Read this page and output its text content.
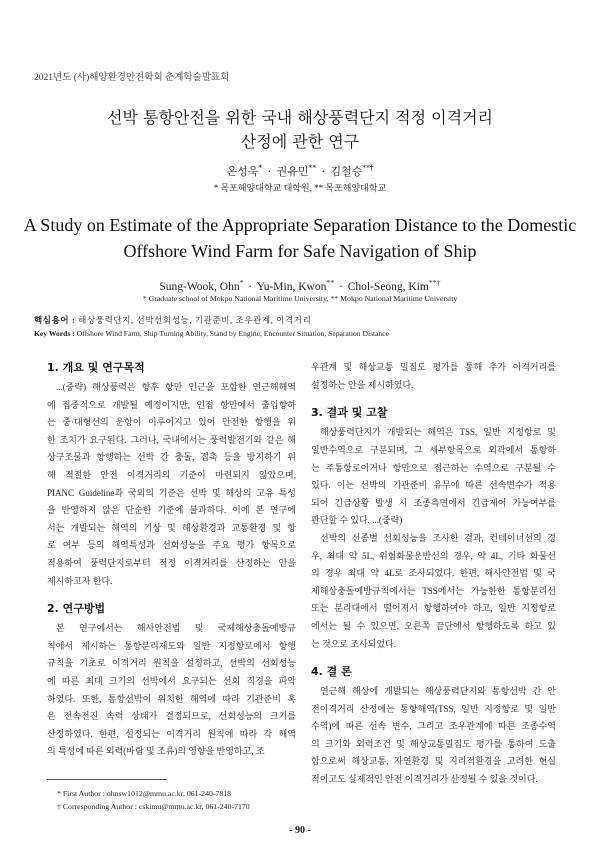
2021년도 (사)해양환경안전학회 춘계학술발표회
선박 통항안전을 위한 국내 해상풍력단지 적정 이격거리
산정에 관한 연구
온성욱* · 권유민** · 김철승**†
* 목포해양대학교 대학원, ** 목포해양대학교
A Study on Estimate of the Appropriate Separation Distance to the Domestic
Offshore Wind Farm for Safe Navigation of Ship
Sung-Wook, Ohn* · Yu-Min, Kwon** · Chol-Seong, Kim**†
* Graduate school of Mokpo National Maritime University, ** Mokpo National Maritime University
핵심용어 : 해상풍력단지, 선박선회성능, 기관준비, 조우관계, 이격거리
Key Words : Offshore Wind Farm, Ship Turning Ability, Stand by Engine, Encounter Situation, Separation Distance
1. 개요 및 연구목적
...(중략) 해상풍력은 향후 항만 인근을 포함한 연근해해역
에 집중적으로 개발될 예정이지만, 인접 항만에서 출입항하
는 중·대형선의 운항이 이루어지고 있어 안전한 항행을 위
한 조치가 요구된다. 그러나, 국내에서는 풍력발전기와 같은 해
상구조물과 항행하는 선박 간 충돌, 접촉 등을 방지하기 위
해 적절한 안전 이격거리의 기준이 마련되지 않았으며,
PIANC Guideline과 국외의 기준은 선박 및 해상의 고유 특성
을 반영하지 않은 단순한 기준에 불과하다. 이에 본 연구에
서는 개발되는 해역의 기상 및 해상환경과 교통환경 및 항
로 여부 등의 해역특성과 선회성능을 주요 평가 항목으로
적용하여 풍력단지로부터 적정 이격거리를 산정하는 안을
제시하고자 한다.
2. 연구방법
본 연구에서는 해사안전법 및 국제해상충돌예방규
칙에서 제시하는 통항분리제도와 일반 지정항로에서 항행
규칙을 기초로 이격거리 원칙을 설정하고, 선박의 선회성능
에 따른 최대 크기의 선박에서 요구되는 선회 직경을 파악
하였다. 또한, 통항선박이 위치한 해역에 따라 기관준비 혹
은 전속전진 속력 상태가 결정되므로, 선회성능의 크기를
산정하였다. 한편, 설정되는 이격거리 원칙에 따라 각 해역
의 특성에 따른 외력(바람 및 조류)의 영향을 반영하고, 조
우관계 및 해상교통 밀집도 평가를 통해 추가 이격거리를
설정하는 안을 제시하였다.
3. 결과 및 고찰
해상풍력단지가 개발되는 해역은 TSS, 일반 지정항로 및
일반수역으로 구분되며, 그 세부항목으로 외곽에서 통항하
는 주통항로이거나 항만으로 접근하는 수역으로 구분될 수
있다. 이는 선박의 기관준비 유무에 따른 선속변수가 적용
되어 긴급상황 발생 시 조종측면에서 긴급제어 가능여부를
판단할 수 있다. ...(중략)
선박의 선종별 선회성능을 조사한 결과, 컨테이너선의 경
우, 최대 약 5L, 위험화물운반선의 경우, 약 4L, 기타 화물선
의 경우 최대 약 4L로 조사되었다. 한편, 해사안전법 및 국
제해상충돌예방규칙에서는 TSS에서는 가능한한 통항분리선
또는 분리대에서 떨어져서 항행하여야 하고, 일반 지정항로
에서는 될 수 있으면, 오른쪽 끝단에서 항행하도록 하고 있
는 것으로 조사되었다.
4. 결 론
연근해 해상에 개발되는 해상풍력단지와 통항선박 간 안
전이격거리 산정에는 통항해역(TSS, 일반 지정항로 및 일반
수역)에 따른 선속 변수, 그리고 조우관계에 따른 조종수역
의 크기와 외력조건 및 해상교통밀집도 평가를 통하여 도출
함으로써 해상교통, 자연환경 및 지리적환경을 고려한 현실
적이고도 실제적인 안전 이격거리가 산정될 수 있을 것이다.
* First Author : ohnsw1012@mmu.ac.kr, 061-240-7818
† Corresponding Author : cskimu@mmu.ac.kr, 061-240-7170
- 90 -
